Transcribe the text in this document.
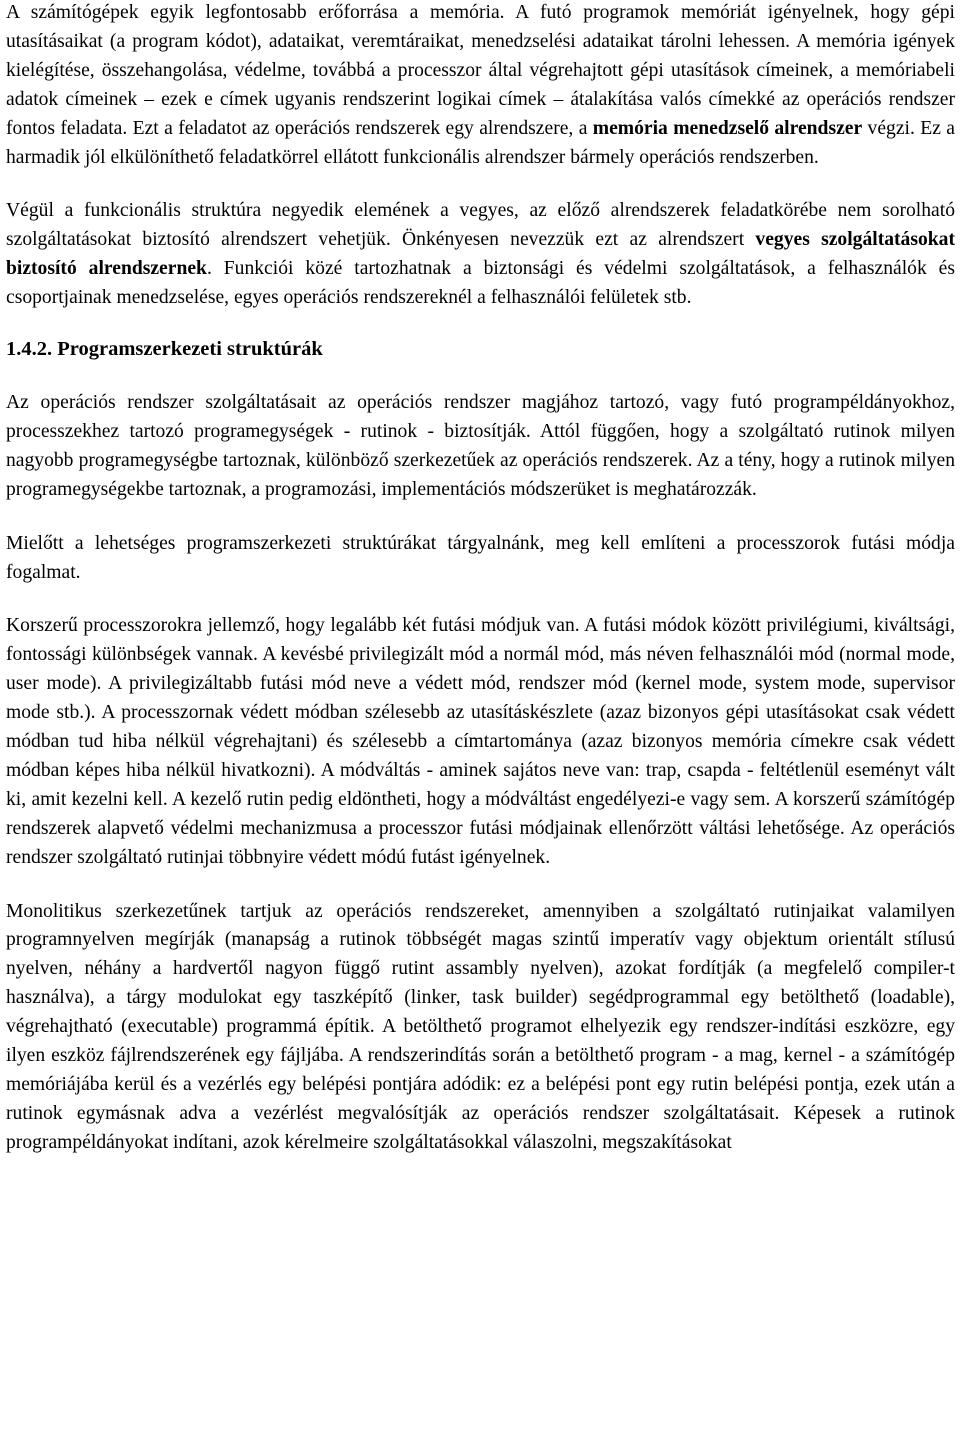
A számítógépek egyik legfontosabb erőforrása a memória. A futó programok memóriát igényelnek, hogy gépi utasításaikat (a program kódot), adataikat, veremtáraikat, menedzselési adataikat tárolni lehessen. A memória igények kielégítése, összehangolása, védelme, továbbá a processzor által végrehajtott gépi utasítások címeinek, a memóriabeli adatok címeinek – ezek e címek ugyanis rendszerint logikai címek – átalakítása valós címekké az operációs rendszer fontos feladata. Ezt a feladatot az operációs rendszerek egy alrendszere, a memória menedzselő alrendszer végzi. Ez a harmadik jól elkülöníthető feladatkörrel ellátott funkcionális alrendszer bármely operációs rendszerben.

Végül a funkcionális struktúra negyedik elemének a vegyes, az előző alrendszerek feladatkörébe nem sorolható szolgáltatásokat biztosító alrendszert vehetjük. Önkényesen nevezzük ezt az alrendszert vegyes szolgáltatásokat biztosító alrendszernek. Funkciói közé tartozhatnak a biztonsági és védelmi szolgáltatások, a felhasználók és csoportjainak menedzselése, egyes operációs rendszereknél a felhasználói felületek stb.

1.4.2. Programszerkezeti struktúrák

Az operációs rendszer szolgáltatásait az operációs rendszer magjához tartozó, vagy futó programpéldányokhoz, processzekhez tartozó programegységek - rutinok - biztosítják. Attól függően, hogy a szolgáltató rutinok milyen nagyobb programegységbe tartoznak, különböző szerkezetűek az operációs rendszerek. Az a tény, hogy a rutinok milyen programegységekbe tartoznak, a programozási, implementációs módszerüket is meghatározzák.

Mielőtt a lehetséges programszerkezeti struktúrákat tárgyalnánk, meg kell említeni a processzorok futási módja fogalmat.

Korszerű processzorokra jellemző, hogy legalább két futási módjuk van. A futási módok között privilégiumi, kiváltsági, fontossági különbségek vannak. A kevésbé privilegizált mód a normál mód, más néven felhasználói mód (normal mode, user mode). A privilegizáltabb futási mód neve a védett mód, rendszer mód (kernel mode, system mode, supervisor mode stb.). A processzornak védett módban szélesebb az utasításkészlete (azaz bizonyos gépi utasításokat csak védett módban tud hiba nélkül végrehajtani) és szélesebb a címtartománya (azaz bizonyos memória címekre csak védett módban képes hiba nélkül hivatkozni). A módváltás - aminek sajátos neve van: trap, csapda - feltétlenül eseményt vált ki, amit kezelni kell. A kezelő rutin pedig eldöntheti, hogy a módváltást engedélyezi-e vagy sem. A korszerű számítógép rendszerek alapvető védelmi mechanizmusa a processzor futási módjainak ellenőrzött váltási lehetősége. Az operációs rendszer szolgáltató rutinjai többnyire védett módú futást igényelnek.

Monolitikus szerkezetűnek tartjuk az operációs rendszereket, amennyiben a szolgáltató rutinjaikat valamilyen programnyelven megírják (manapság a rutinok többségét magas szintű imperatív vagy objektum orientált stílusú nyelven, néhány a hardvertől nagyon függő rutint assambly nyelven), azokat fordítják (a megfelelő compiler-t használva), a tárgy modulokat egy taszképítő (linker, task builder) segédprogrammal egy betölthető (loadable), végrehajtható (executable) programmá építik. A betölthető programot elhelyezik egy rendszer-indítási eszközre, egy ilyen eszköz fájlrendszerének egy fájljába. A rendszerindítás során a betölthető program - a mag, kernel - a számítógép memóriájába kerül és a vezérlés egy belépési pontjára adódik: ez a belépési pont egy rutin belépési pontja, ezek után a rutinok egymásnak adva a vezérlést megvalósítják az operációs rendszer szolgáltatásait. Képesek a rutinok programpéldányokat indítani, azok kérelmeire szolgáltatásokkal válaszolni, megszakításokat
